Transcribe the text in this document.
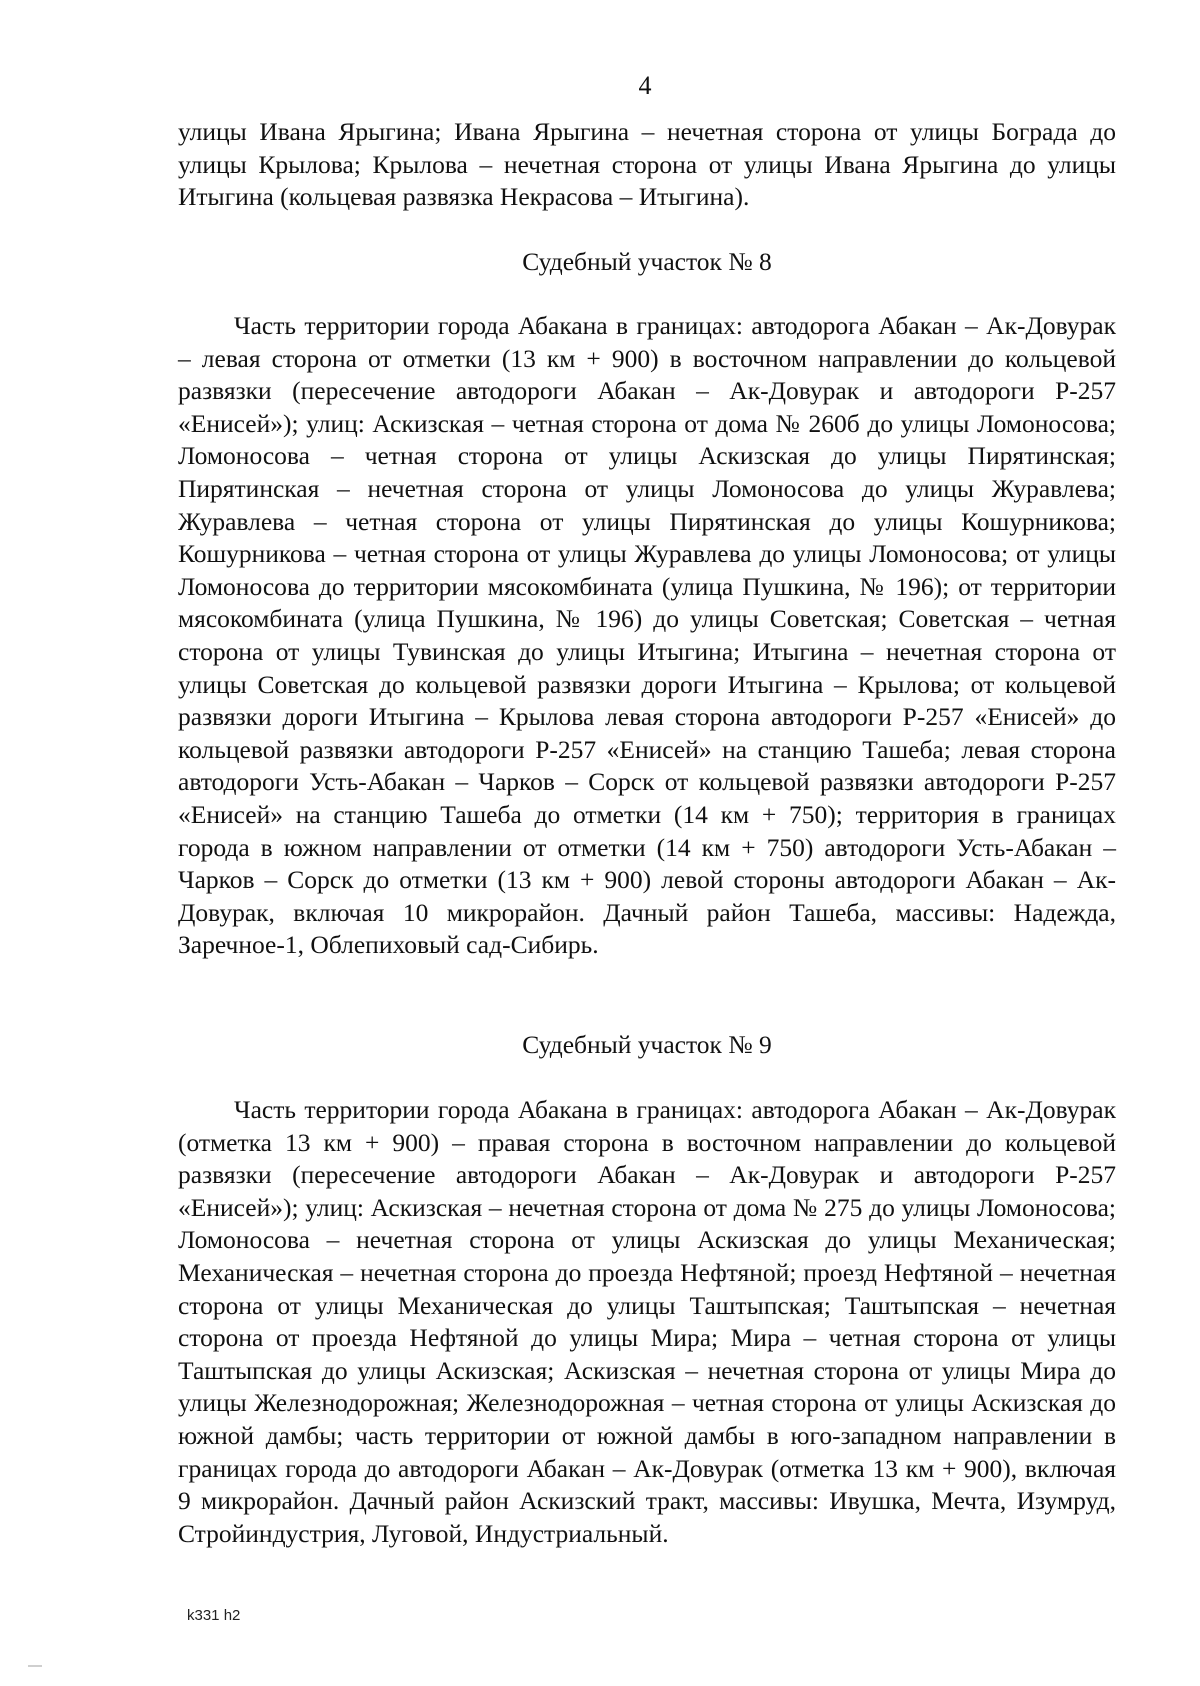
4

улицы Ивана Ярыгина; Ивана Ярыгина – нечетная сторона от улицы Бограда до улицы Крылова; Крылова – нечетная сторона от улицы Ивана Ярыгина до улицы Итыгина (кольцевая развязка Некрасова – Итыгина).

Судебный участок № 8

Часть территории города Абакана в границах: автодорога Абакан – Ак-Довурак – левая сторона от отметки (13 км + 900) в восточном направлении до кольцевой развязки (пересечение автодороги Абакан – Ак-Довурак и автодороги Р-257 «Енисей»); улиц: Аскизская – четная сторона от дома № 260б до улицы Ломоносова; Ломоносова – четная сторона от улицы Аскизская до улицы Пирятинская; Пирятинская – нечетная сторона от улицы Ломоносова до улицы Журавлева; Журавлева – четная сторона от улицы Пирятинская до улицы Кошурникова; Кошурникова – четная сторона от улицы Журавлева до улицы Ломоносова; от улицы Ломоносова до территории мясокомбината (улица Пушкина, № 196); от территории мясокомбината (улица Пушкина, № 196) до улицы Советская; Советская – четная сторона от улицы Тувинская до улицы Итыгина; Итыгина – нечетная сторона от улицы Советская до кольцевой развязки дороги Итыгина – Крылова; от кольцевой развязки дороги Итыгина – Крылова левая сторона автодороги Р-257 «Енисей» до кольцевой развязки автодороги Р-257 «Енисей» на станцию Ташеба; левая сторона автодороги Усть-Абакан – Чарков – Сорск от кольцевой развязки автодороги Р-257 «Енисей» на станцию Ташеба до отметки (14 км + 750); территория в границах города в южном направлении от отметки (14 км + 750) автодороги Усть-Абакан – Чарков – Сорск до отметки (13 км + 900) левой стороны автодороги Абакан – Ак-Довурак, включая 10 микрорайон. Дачный район Ташеба, массивы: Надежда, Заречное-1, Облепиховый сад-Сибирь.

Судебный участок № 9

Часть территории города Абакана в границах: автодорога Абакан – Ак-Довурак (отметка 13 км + 900) – правая сторона в восточном направлении до кольцевой развязки (пересечение автодороги Абакан – Ак-Довурак и автодороги Р-257 «Енисей»); улиц: Аскизская – нечетная сторона от дома № 275 до улицы Ломоносова; Ломоносова – нечетная сторона от улицы Аскизская до улицы Механическая; Механическая – нечетная сторона до проезда Нефтяной; проезд Нефтяной – нечетная сторона от улицы Механическая до улицы Таштыпская; Таштыпская – нечетная сторона от проезда Нефтяной до улицы Мира; Мира – четная сторона от улицы Таштыпская до улицы Аскизская; Аскизская – нечетная сторона от улицы Мира до улицы Железнодорожная; Железнодорожная – четная сторона от улицы Аскизская до южной дамбы; часть территории от южной дамбы в юго-западном направлении в границах города до автодороги Абакан – Ак-Довурак (отметка 13 км + 900), включая 9 микрорайон. Дачный район Аскизский тракт, массивы: Ивушка, Мечта, Изумруд, Стройиндустрия, Луговой, Индустриальный.

k331 h2
